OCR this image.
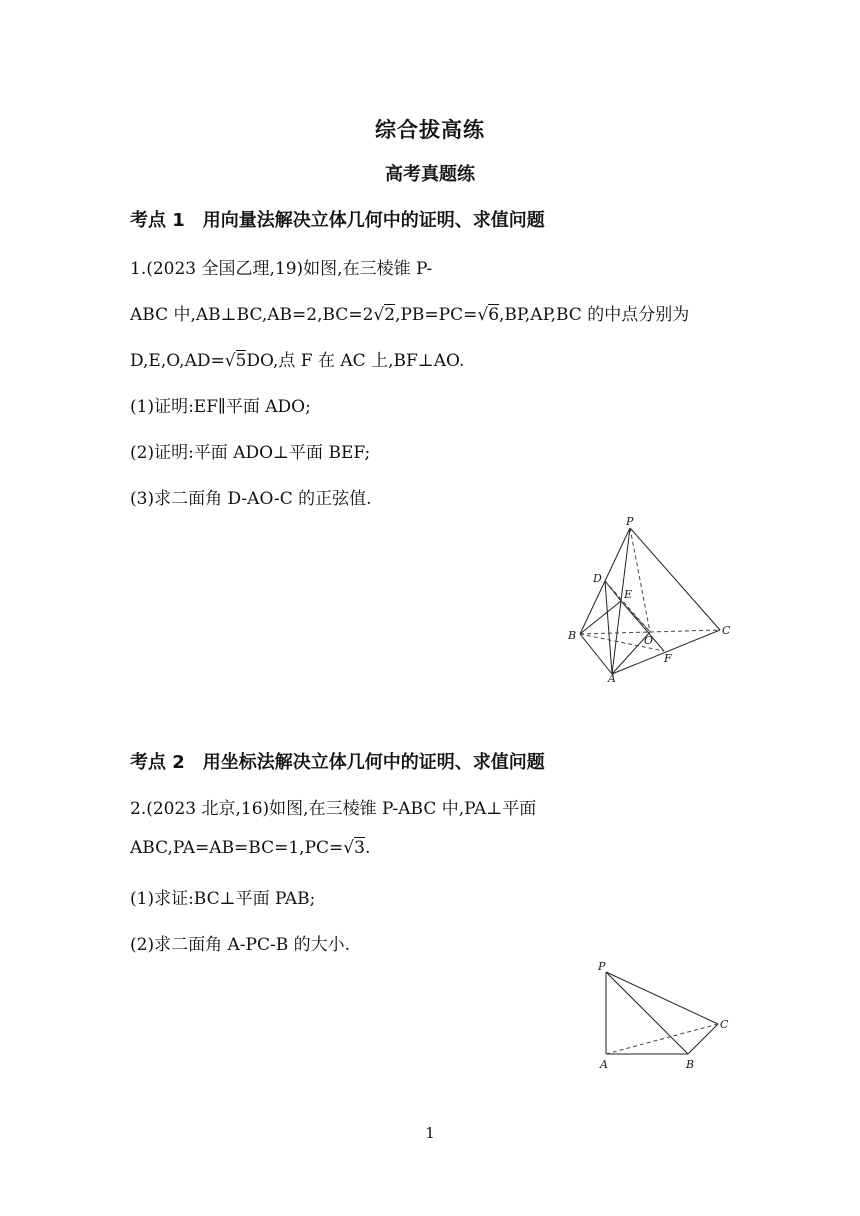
综合拔高练
高考真题练
考点 1 用向量法解决立体几何中的证明、求值问题
1.(2023 全国乙理,19)如图,在三棱锥 P-
ABC 中,AB⊥BC,AB=2,BC=2√2,PB=PC=√6,BP,AP,BC 的中点分别为
D,E,O,AD=√5DO,点 F 在 AC 上,BF⊥AO.
(1)证明:EF∥平面 ADO;
(2)证明:平面 ADO⊥平面 BEF;
(3)求二面角 D-AO-C 的正弦值.
P
D
E
B	O
C
F
A
考点 2 用坐标法解决立体几何中的证明、求值问题
2.(2023 北京,16)如图,在三棱锥 P-ABC 中,PA⊥平面
ABC,PA=AB=BC=1,PC=√3.
(1)求证:BC⊥平面 PAB;
(2)求二面角 A-PC-B 的大小.
P
C
A	B
1
